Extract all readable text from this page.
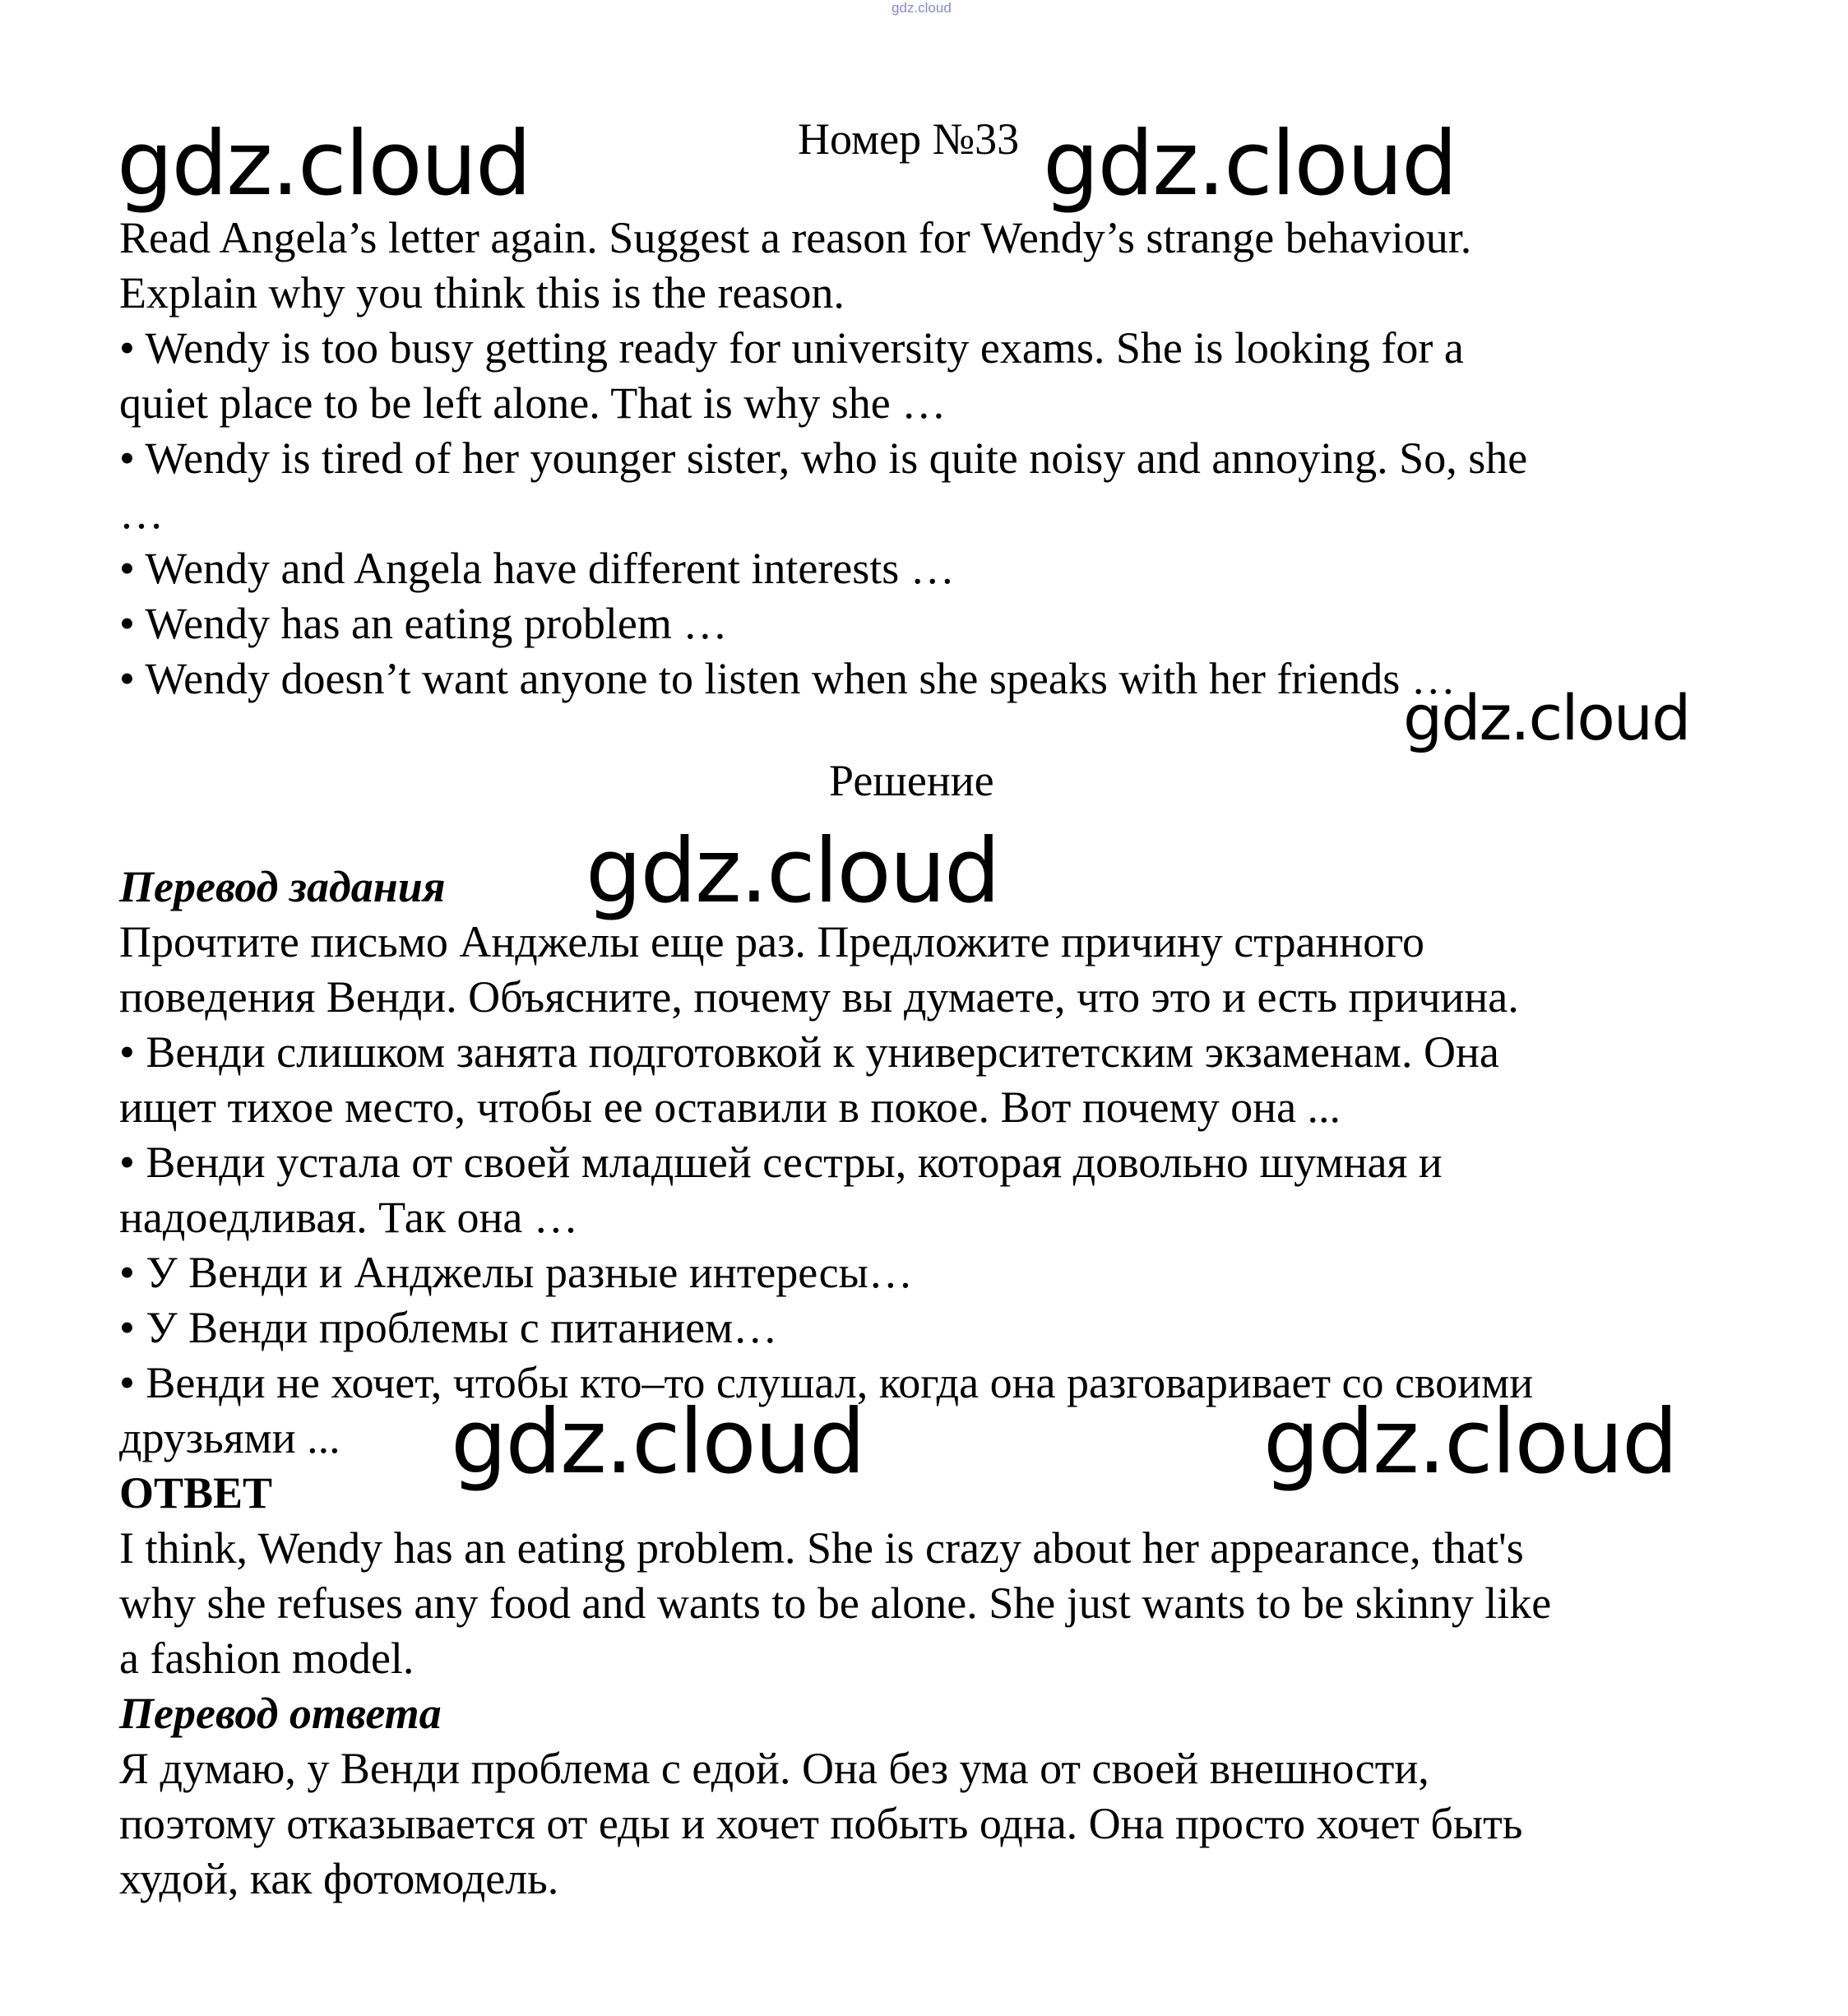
gdz.cloud
Номер №33
gdz.cloud	gdz.cloud
Read Angela’s letter again. Suggest a reason for Wendy’s strange behaviour.
Explain why you think this is the reason.
• Wendy is too busy getting ready for university exams. She is looking for a
quiet place to be left alone. That is why she …
• Wendy is tired of her younger sister, who is quite noisy and annoying. So, she
…
• Wendy and Angela have different interests …
• Wendy has an eating problem …
• Wendy doesn’t want anyone to listen when she speaks with her friends …
gdz.cloud
Решение
Перевод задания gdz.cloud
Прочтите письмо Анджелы еще раз. Предложите причину странного
поведения Венди. Объясните, почему вы думаете, что это и есть причина.
• Венди слишком занята подготовкой к университетским экзаменам. Она
ищет тихое место, чтобы ее оставили в покое. Вот почему она ...
• Венди устала от своей младшей сестры, которая довольно шумная и
надоедливая. Так она …
• У Венди и Анджелы разные интересы…
• У Венди проблемы с питанием…
• Венди не хочет, чтобы кто–то слушал, когда она разговаривает со своими
друзьями ... gdz.cloud	gdz.cloud
ОТВЕТ
I think, Wendy has an eating problem. She is crazy about her appearance, that's
why she refuses any food and wants to be alone. She just wants to be skinny like
a fashion model.
Перевод ответа
Я думаю, у Венди проблема с едой. Она без ума от своей внешности,
поэтому отказывается от еды и хочет побыть одна. Она просто хочет быть
худой, как фотомодель.
